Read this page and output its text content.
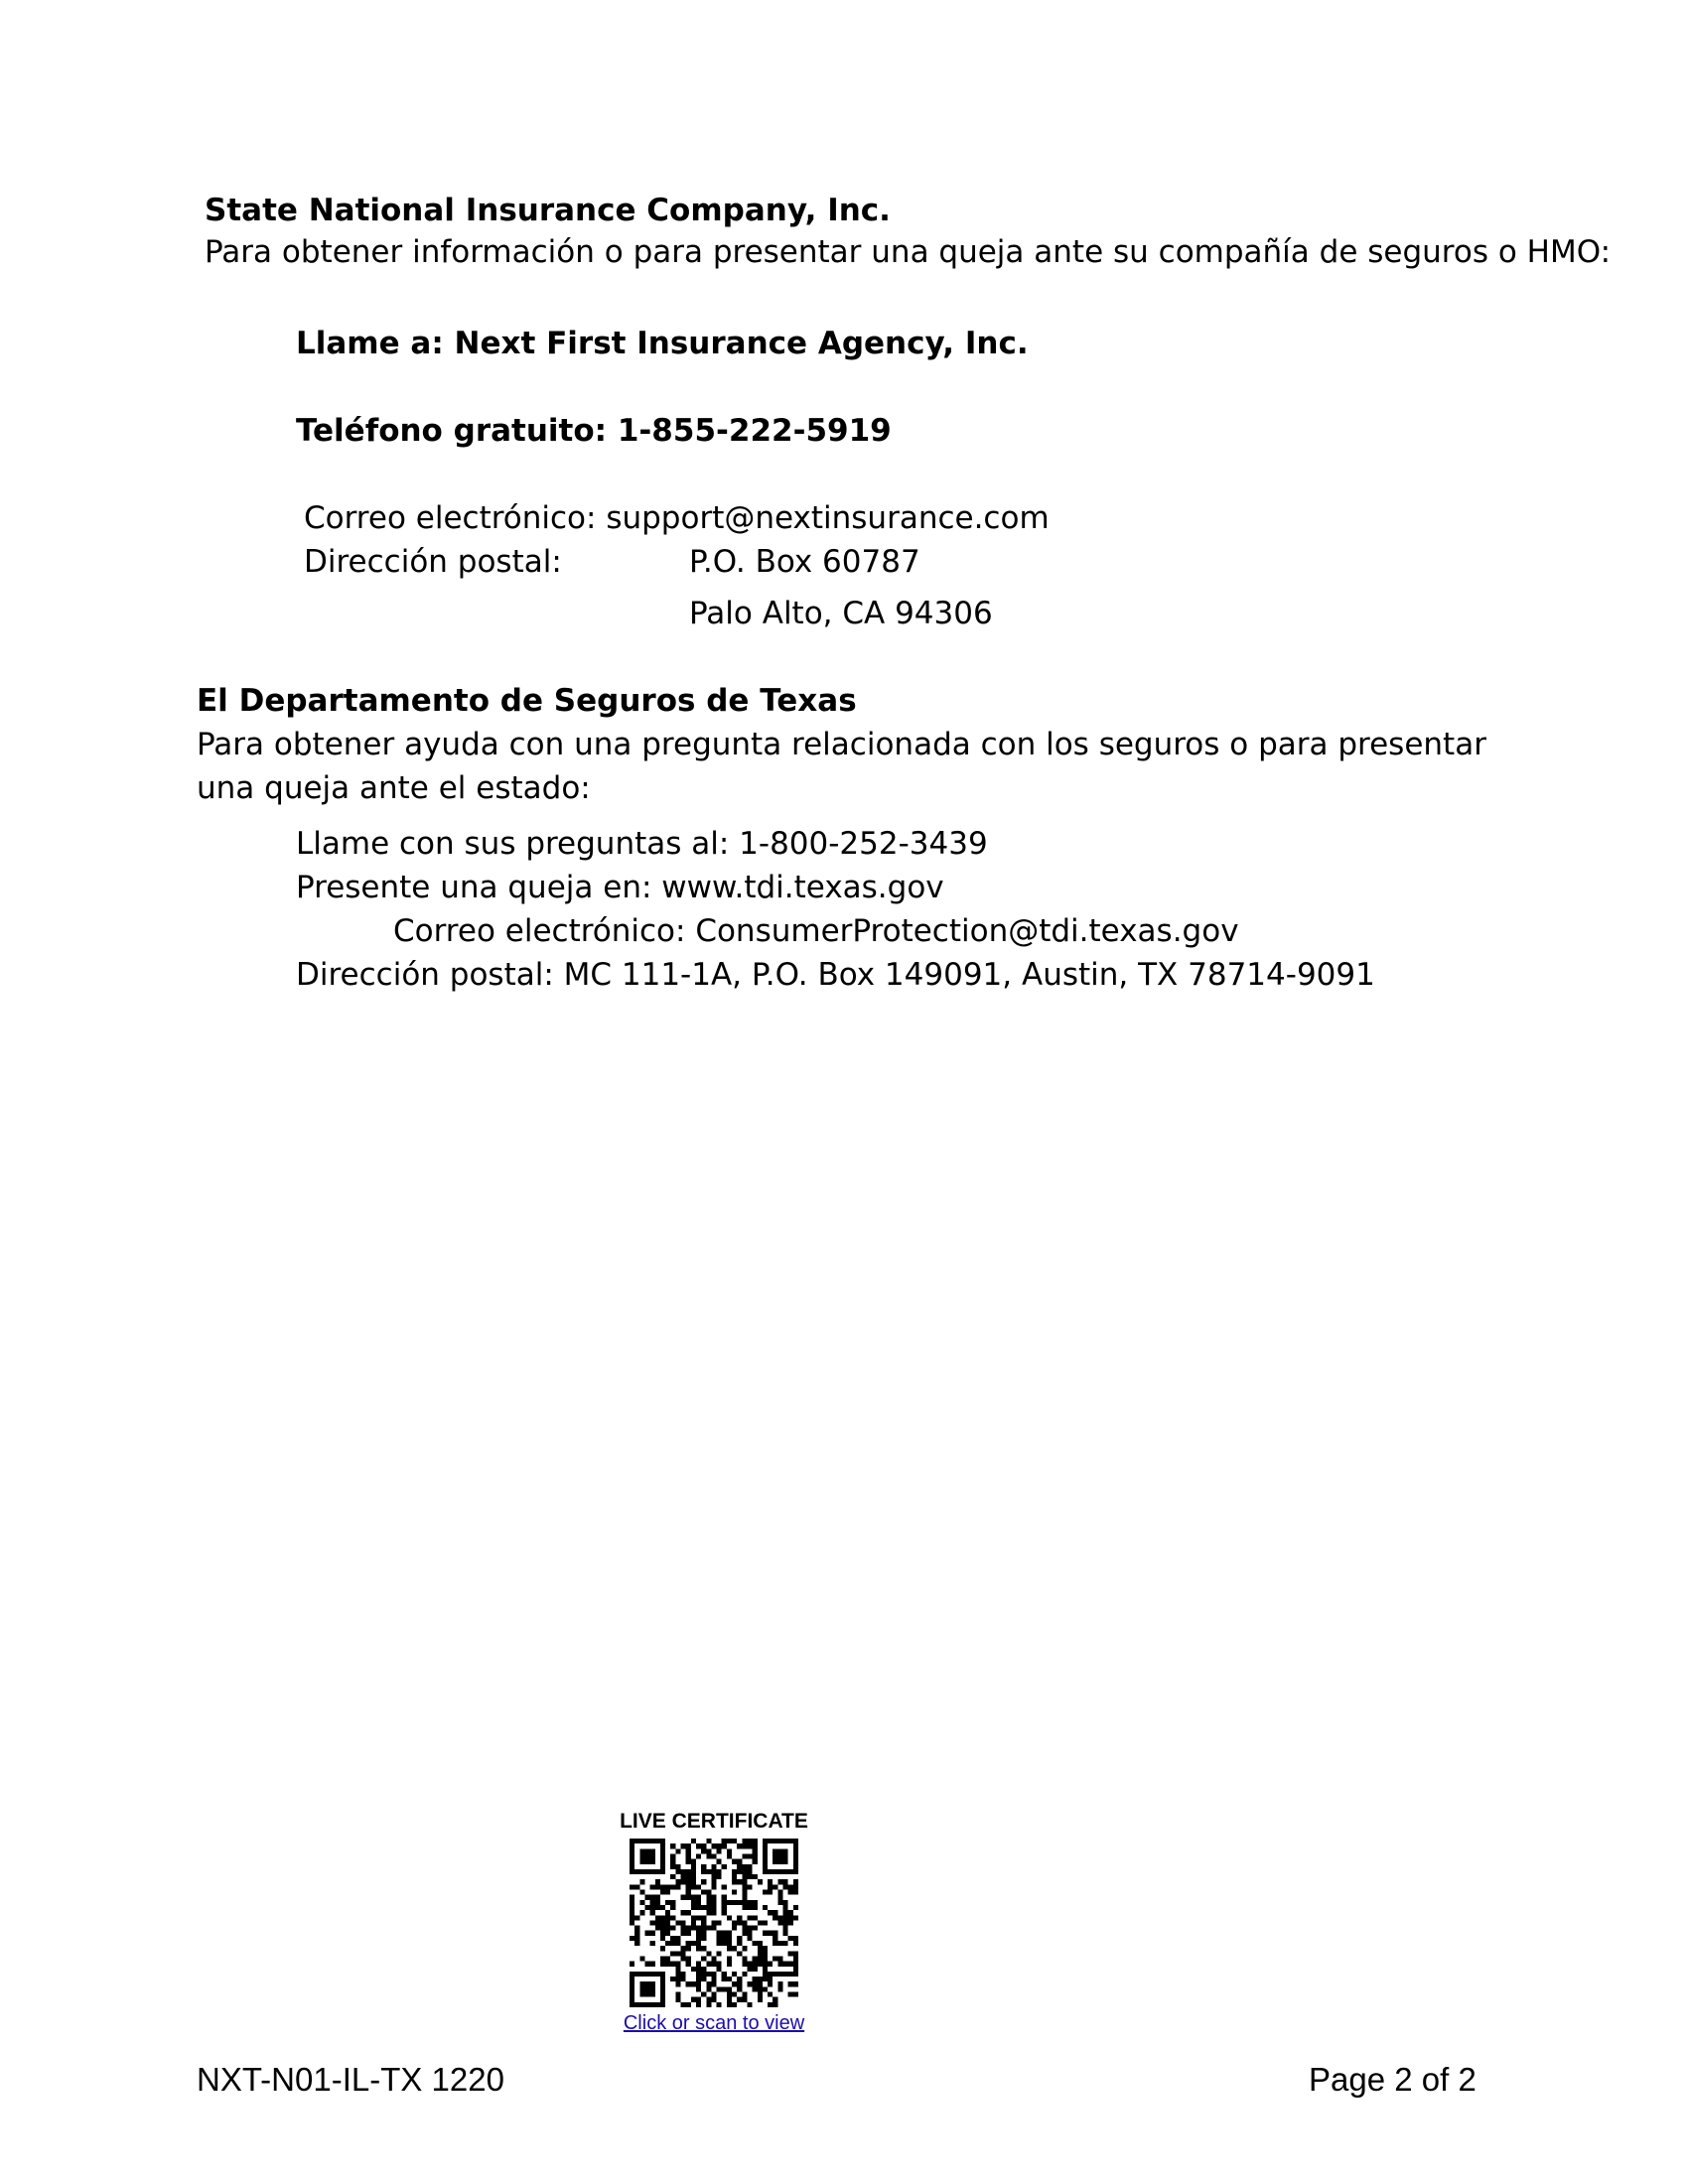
State National Insurance Company, Inc.
Para obtener información o para presentar una queja ante su compañía de seguros o HMO:
Llame a: Next First Insurance Agency, Inc.
Teléfono gratuito: 1-855-222-5919
Correo electrónico: support@nextinsurance.com
Dirección postal:	P.O. Box 60787
Palo Alto, CA 94306
El Departamento de Seguros de Texas
Para obtener ayuda con una pregunta relacionada con los seguros o para presentar
una queja ante el estado:
Llame con sus preguntas al: 1-800-252-3439
Presente una queja en: www.tdi.texas.gov
Correo electrónico: ConsumerProtection@tdi.texas.gov
Dirección postal: MC 111-1A, P.O. Box 149091, Austin, TX 78714-9091
LIVE CERTIFICATE
Click or scan to view
NXT-N01-IL-TX 1220	Page 2 of 2
